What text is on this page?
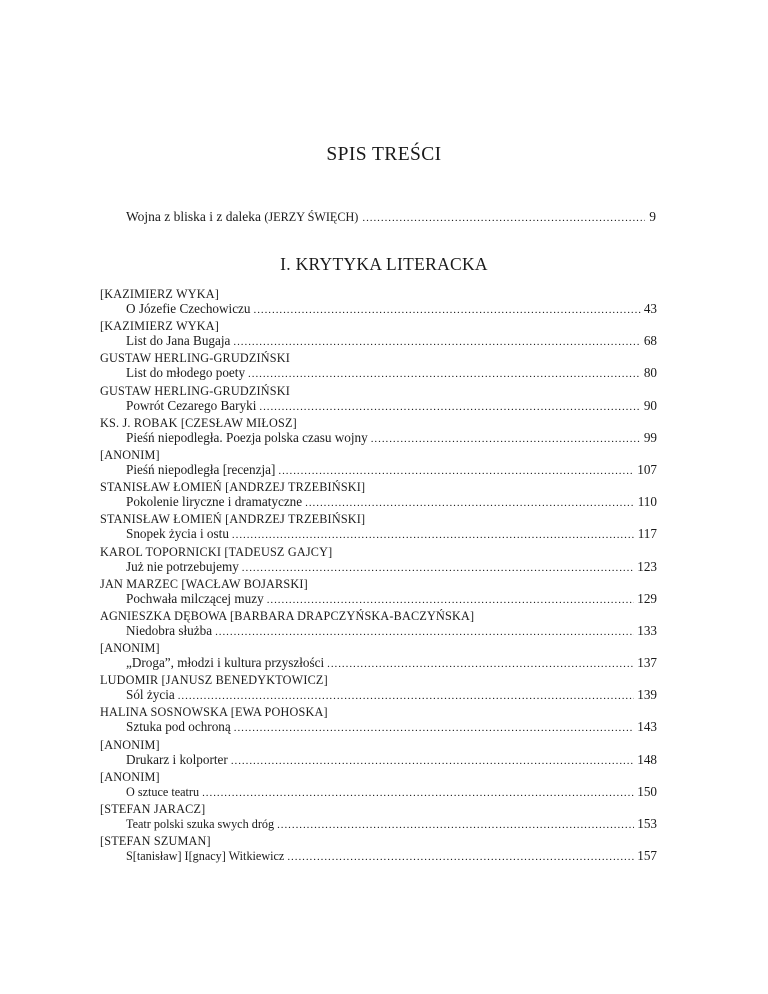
SPIS TREŚCI
Wojna z bliska i z daleka (JERZY ŚWIĘCH) . . .	9
I. KRYTYKA LITERACKA
[KAZIMIERZ WYKA]
O Józefie Czechowiczu . . .	43
[KAZIMIERZ WYKA]
List do Jana Bugaja . . .	68
GUSTAW HERLING-GRUDZIŃSKI
List do młodego poety . . .	80
GUSTAW HERLING-GRUDZIŃSKI
Powrót Cezarego Baryki . . .	90
KS. J. ROBAK [CZESŁAW MIŁOSZ]
Pieśń niepodległa. Poezja polska czasu wojny . . .	99
[ANONIM]
Pieśń niepodległa [recenzja] . . .	107
STANISŁAW ŁOMIEŃ [ANDRZEJ TRZEBIŃSKI]
Pokolenie liryczne i dramatyczne . . .	110
STANISŁAW ŁOMIEŃ [ANDRZEJ TRZEBIŃSKI]
Snopek życia i ostu . . .	117
KAROL TOPORNICKI [TADEUSZ GAJCY]
Już nie potrzebujemy . . .	123
JAN MARZEC [WACŁAW BOJARSKI]
Pochwała milczącej muzy . . .	129
AGNIESZKA DĘBOWA [BARBARA DRAPCZYŃSKA-BACZYŃSKA]
Niedobra służba . . .	133
[ANONIM]
„Droga”, młodzi i kultura przyszłości . . .	137
LUDOMIR [JANUSZ BENEDYKTOWICZ]
Sól życia . . .	139
HALINA SOSNOWSKA [EWA POHOSKA]
Sztuka pod ochroną . . .	143
[ANONIM]
Drukarz i kolporter . . .	148
[ANONIM]
O sztuce teatru . . .	150
[STEFAN JARACZ]
Teatr polski szuka swych dróg . . .	153
[STEFAN SZUMAN]
S[tanisław] I[gnacy] Witkiewicz . . .	157
